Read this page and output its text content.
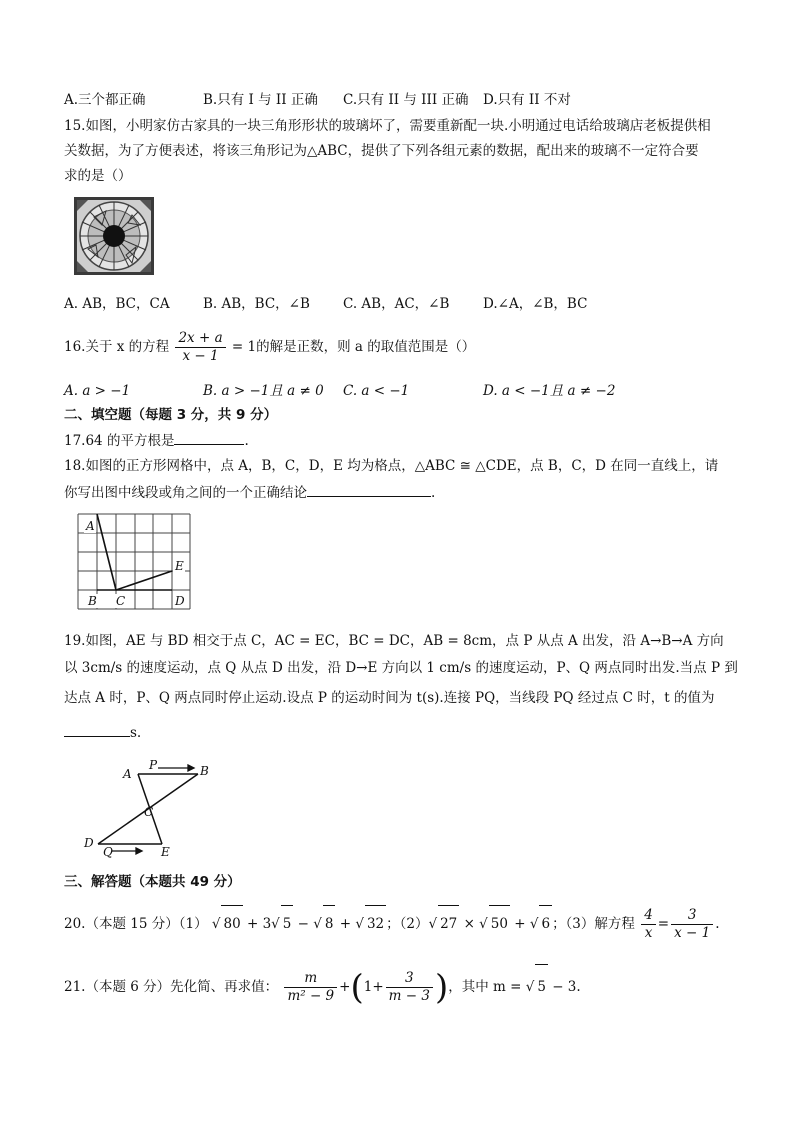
A.三个都正确	B.只有 I 与 II 正确	C.只有 II 与 III 正确	D.只有 II 不对
15.如图，小明家仿古家具的一块三角形形状的玻璃坏了，需要重新配一块.小明通过电话给玻璃店老板提供相
关数据，为了方便表述，将该三角形记为△ABC，提供了下列各组元素的数据，配出来的玻璃不一定符合要
求的是（）
A. AB，BC，CA	B. AB，BC，∠B	C. AB，AC，∠B	D.∠A，∠B，BC
16.关于 x 的方程 $\frac{2x + a}{x - 1} = 1$的解是正数，则 a 的取值范围是（）
A. a > −1	B. a > −1且 a ≠ 0	C. a < −1	D. a < −1且 a ≠ −2
二、填空题（每题 3 分，共 9 分）
17.64 的平方根是	.
18.如图的正方形网格中，点 A，B，C，D，E 均为格点，△ABC ≅ △CDE，点 B，C，D 在同一直线上，请
你写出图中线段或角之间的一个正确结论	.
A
B C	D
E
19.如图，AE 与 BD 相交于点 C，AC = EC，BC = DC，AB = 8cm，点 P 从点 A 出发，沿 A→B→A 方向
以 3cm/s 的速度运动，点 Q 从点 D 出发，沿 D→E 方向以 1 cm/s 的速度运动，P、Q 两点同时出发.当点 P 到
达点 A 时，P、Q 两点同时停止运动.设点 P 的运动时间为 t(s).连接 PQ，当线段 PQ 经过点 C 时，t 的值为
s.
A
P	B
C
D
Q	E
三、解答题（本题共 49 分）
20.（本题 15 分）（1） √ 80 + 3√ 5 − √ 8 + √ 32 ；（2）√ 27 × √ 50 + √ 6 ；（3）解方程 $\frac{4}{x} = \frac{3}{x - 1}$ .
21.（本题 6 分）先化简、再求值： $\frac{m}{\text{m² − 9}} +(1+ \frac{3}{m - 3}$ )，其中 m = √ 5 − 3.
